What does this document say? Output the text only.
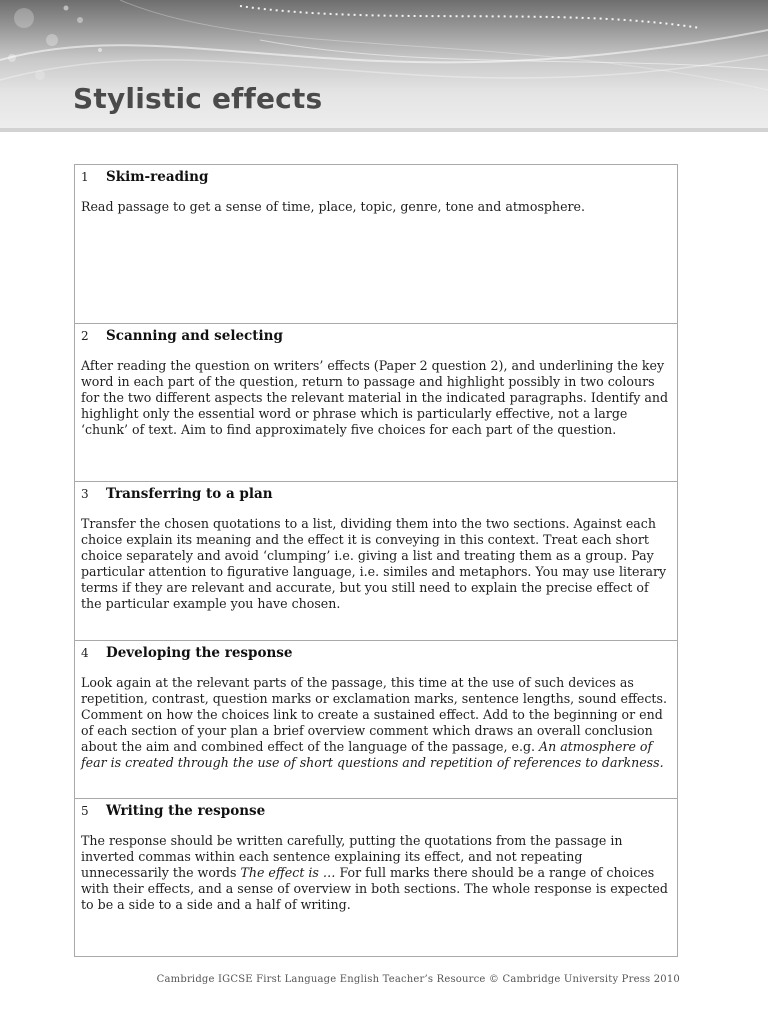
Stylistic effects
1	Skim-reading

Read passage to get a sense of time, place, topic, genre, tone and atmosphere.

2	Scanning and selecting

After reading the question on writers’ effects (Paper 2 question 2), and underlining the key word in each part of the question, return to passage and highlight possibly in two colours for the two different aspects the relevant material in the indicated paragraphs. Identify and highlight only the essential word or phrase which is particularly effective, not a large ‘chunk’ of text. Aim to find approximately five choices for each part of the question.

3	Transferring to a plan

Transfer the chosen quotations to a list, dividing them into the two sections. Against each choice explain its meaning and the effect it is conveying in this context. Treat each short choice separately and avoid ‘clumping’ i.e. giving a list and treating them as a group. Pay particular attention to figurative language, i.e. similes and metaphors. You may use literary terms if they are relevant and accurate, but you still need to explain the precise effect of the particular example you have chosen.

4	Developing the response

Look again at the relevant parts of the passage, this time at the use of such devices as repetition, contrast, question marks or exclamation marks, sentence lengths, sound effects. Comment on how the choices link to create a sustained effect. Add to the beginning or end of each section of your plan a brief overview comment which draws an overall conclusion about the aim and combined effect of the language of the passage, e.g. An atmosphere of fear is created through the use of short questions and repetition of references to darkness.

5	Writing the response

The response should be written carefully, putting the quotations from the passage in inverted commas within each sentence explaining its effect, and not repeating unnecessarily the words The effect is … For full marks there should be a range of choices with their effects, and a sense of overview in both sections. The whole response is expected to be a side to a side and a half of writing.

Cambridge IGCSE First Language English Teacher’s Resource © Cambridge University Press 2010
